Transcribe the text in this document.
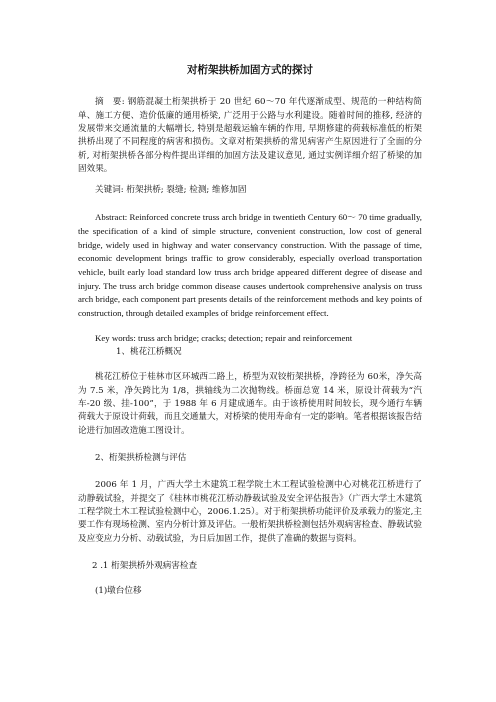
对桁架拱桥加固方式的探讨

摘　要: 钢筋混凝土桁架拱桥于 20 世纪 60～70 年代逐渐成型、规范的一种结构简单、施工方便、造价低廉的通用桥梁, 广泛用于公路与水利建设。随着时间的推移, 经济的发展带来交通流量的大幅增长, 特别是超载运输车辆的作用, 早期修建的荷载标准低的桁架拱桥出现了不同程度的病害和损伤。文章对桁架拱桥的常见病害产生原因进行了全面的分析, 对桁架拱桥各部分构件提出详细的加固方法及建议意见, 通过实例详细介绍了桥梁的加固效果。

关键词: 桁架拱桥; 裂缝; 检测; 维修加固

Abstract: Reinforced concrete truss arch bridge in twentieth Century 60～ 70 time gradually, the specification of a kind of simple structure, convenient construction, low cost of general bridge, widely used in highway and water conservancy construction. With the passage of time, economic development brings traffic to grow considerably, especially overload transportation vehicle, built early load standard low truss arch bridge appeared different degree of disease and injury. The truss arch bridge common disease causes undertook comprehensive analysis on truss arch bridge, each component part presents details of the reinforcement methods and key points of construction, through detailed examples of bridge reinforcement effect.

Key words: truss arch bridge; cracks; detection; repair and reinforcement

1、桃花江桥概况

桃花江桥位于桂林市区环城西二路上，桥型为双铰桁架拱桥，净跨径为 60米，净矢高为 7.5 米，净矢跨比为 1/8，拱轴线为二次抛物线。桥面总宽 14 米，原设计荷载为“汽车-20 级、挂-100”，于 1988 年 6 月建成通车。由于该桥使用时间较长，现今通行车辆荷载大于原设计荷载，而且交通量大，对桥梁的使用寿命有一定的影响。笔者根据该报告结论进行加固改造施工图设计。

2、桁架拱桥检测与评估

2006 年 1 月，广西大学土木建筑工程学院土木工程试验检测中心对桃花江桥进行了动静载试验，并提交了《桂林市桃花江桥动静载试验及安全评估报告》（广西大学土木建筑工程学院土木工程试验检测中心，2006.1.25）。对于桁架拱桥功能评价及承载力的鉴定,主要工作有现场检测、室内分析计算及评估。一般桁架拱桥检测包括外观病害检查、静载试验及应变应力分析、动载试验，为日后加固工作，提供了准确的数据与资料。

2 .1 桁架拱桥外观病害检查

(1)墩台位移
